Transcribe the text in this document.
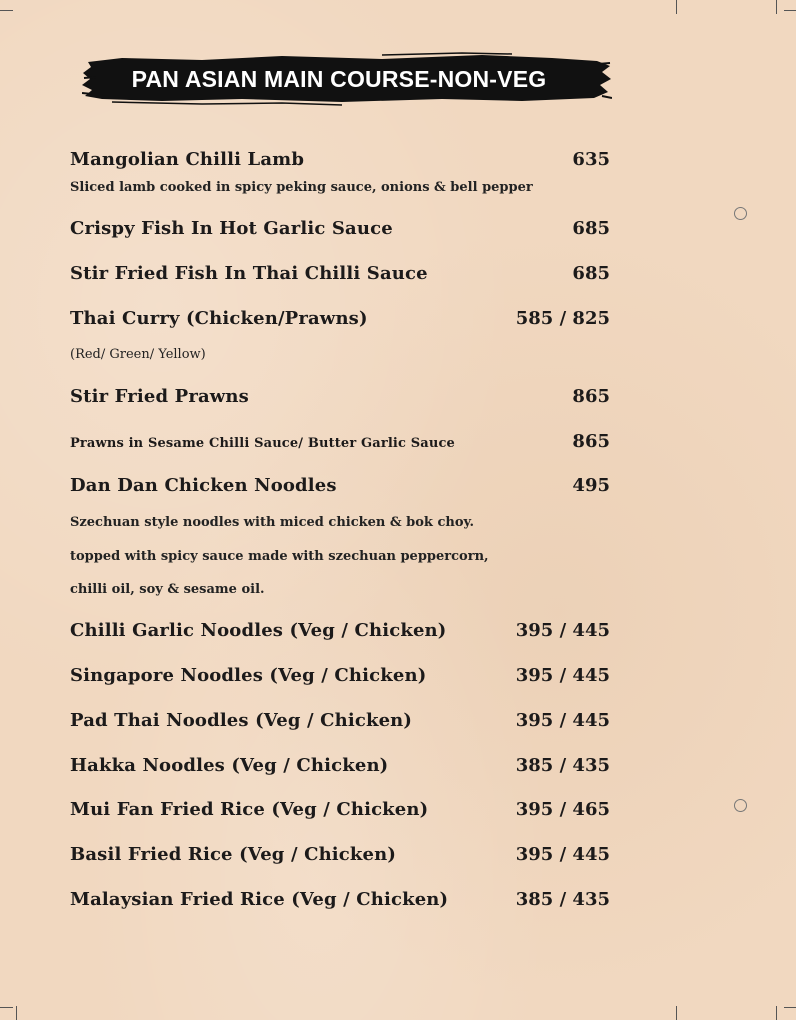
PAN ASIAN MAIN COURSE-NON-VEG
Mangolian Chilli Lamb	635
Sliced lamb cooked in spicy peking sauce, onions & bell pepper
Crispy Fish In Hot Garlic Sauce	685
Stir Fried Fish In Thai Chilli Sauce	685
Thai Curry (Chicken/Prawns)	585 / 825
(Red/ Green/ Yellow)
Stir Fried Prawns	865
Prawns in Sesame Chilli Sauce/ Butter Garlic Sauce	865
Dan Dan Chicken Noodles	495
Szechuan style noodles with miced chicken & bok choy.
topped with spicy sauce made with szechuan peppercorn,
chilli oil, soy & sesame oil.
Chilli Garlic Noodles (Veg / Chicken)	395 / 445
Singapore Noodles (Veg / Chicken)	395 / 445
Pad Thai Noodles (Veg / Chicken)	395 / 445
Hakka Noodles (Veg / Chicken)	385 / 435
Mui Fan Fried Rice (Veg / Chicken)	395 / 465
Basil Fried Rice (Veg / Chicken)	395 / 445
Malaysian Fried Rice (Veg / Chicken)	385 / 435
